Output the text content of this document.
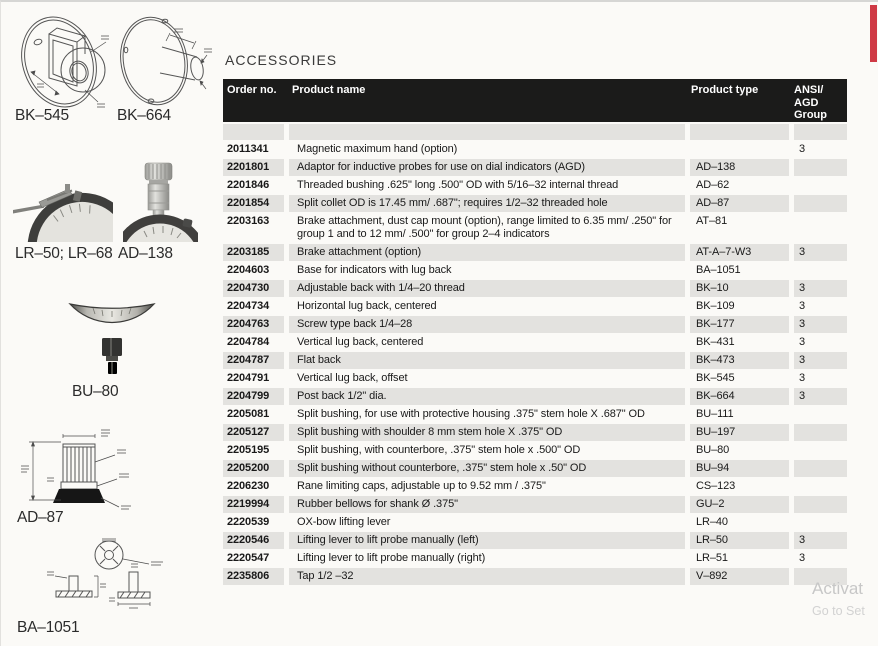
BK–545	BK–664
LR–50; LR–68 AD–138
BU–80
AD–87
BA–1051
ACCESSORIES
Order no.	Product name	Product type	ANSI/ AGD Group

2011341	Magnetic maximum hand (option)		3
2201801	Adaptor for inductive probes for use on dial indicators (AGD)	AD–138	
2201846	Threaded bushing .625" long .500" OD with 5/16–32 internal thread	AD–62	
2201854	Split collet OD is 17.45 mm/ .687"; requires 1/2–32 threaded hole	AD–87	
2203163	Brake attachment, dust cap mount (option), range limited to 6.35 mm/ .250" for group 1 and to 12 mm/ .500" for group 2–4 indicators	AT–81	
2203185	Brake attachment (option)	AT-A–7-W3	3
2204603	Base for indicators with lug back	BA–1051	
2204730	Adjustable back with 1/4–20 thread	BK–10	3
2204734	Horizontal lug back, centered	BK–109	3
2204763	Screw type back 1/4–28	BK–177	3
2204784	Vertical lug back, centered	BK–431	3
2204787	Flat back	BK–473	3
2204791	Vertical lug back, offset	BK–545	3
2204799	Post back 1/2" dia.	BK–664	3
2205081	Split bushing, for use with protective housing .375" stem hole X .687" OD	BU–111	
2205127	Split bushing with shoulder 8 mm stem hole X .375" OD	BU–197	
2205195	Split bushing, with counterbore, .375" stem hole x .500" OD	BU–80	
2205200	Split bushing without counterbore, .375" stem hole x .50" OD	BU–94	
2206230	Rane limiting caps, adjustable up to 9.52 mm / .375"	CS–123	
2219994	Rubber bellows for shank Ø .375"	GU–2	
2220539	OX-bow lifting lever	LR–40	
2220546	Lifting lever to lift probe manually (left)	LR–50	3
2220547	Lifting lever to lift probe manually (right)	LR–51	3
2235806	Tap 1/2 –32	V–892	
Activat
Go to Set
